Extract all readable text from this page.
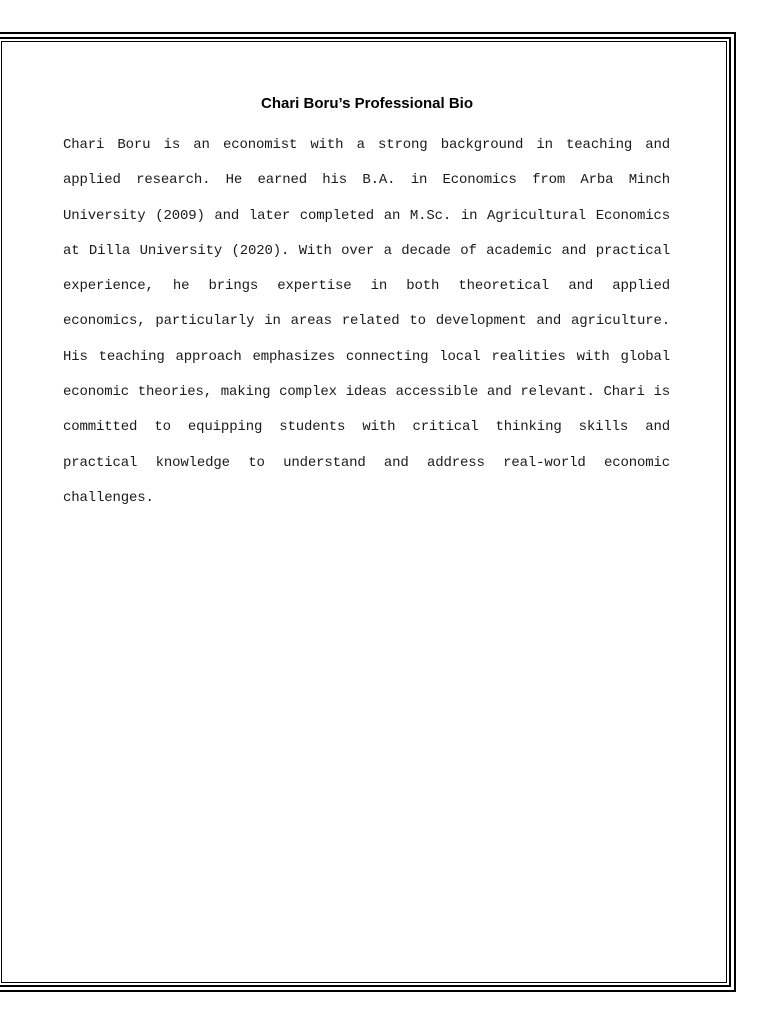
Chari Boru’s Professional Bio

Chari Boru is an economist with a strong background in teaching and applied research. He earned his B.A. in Economics from Arba Minch University (2009) and later completed an M.Sc. in Agricultural Economics at Dilla University (2020). With over a decade of academic and practical experience, he brings expertise in both theoretical and applied economics, particularly in areas related to development and agriculture. His teaching approach emphasizes connecting local realities with global economic theories, making complex ideas accessible and relevant. Chari is committed to equipping students with critical thinking skills and practical knowledge to understand and address real-world economic challenges.
